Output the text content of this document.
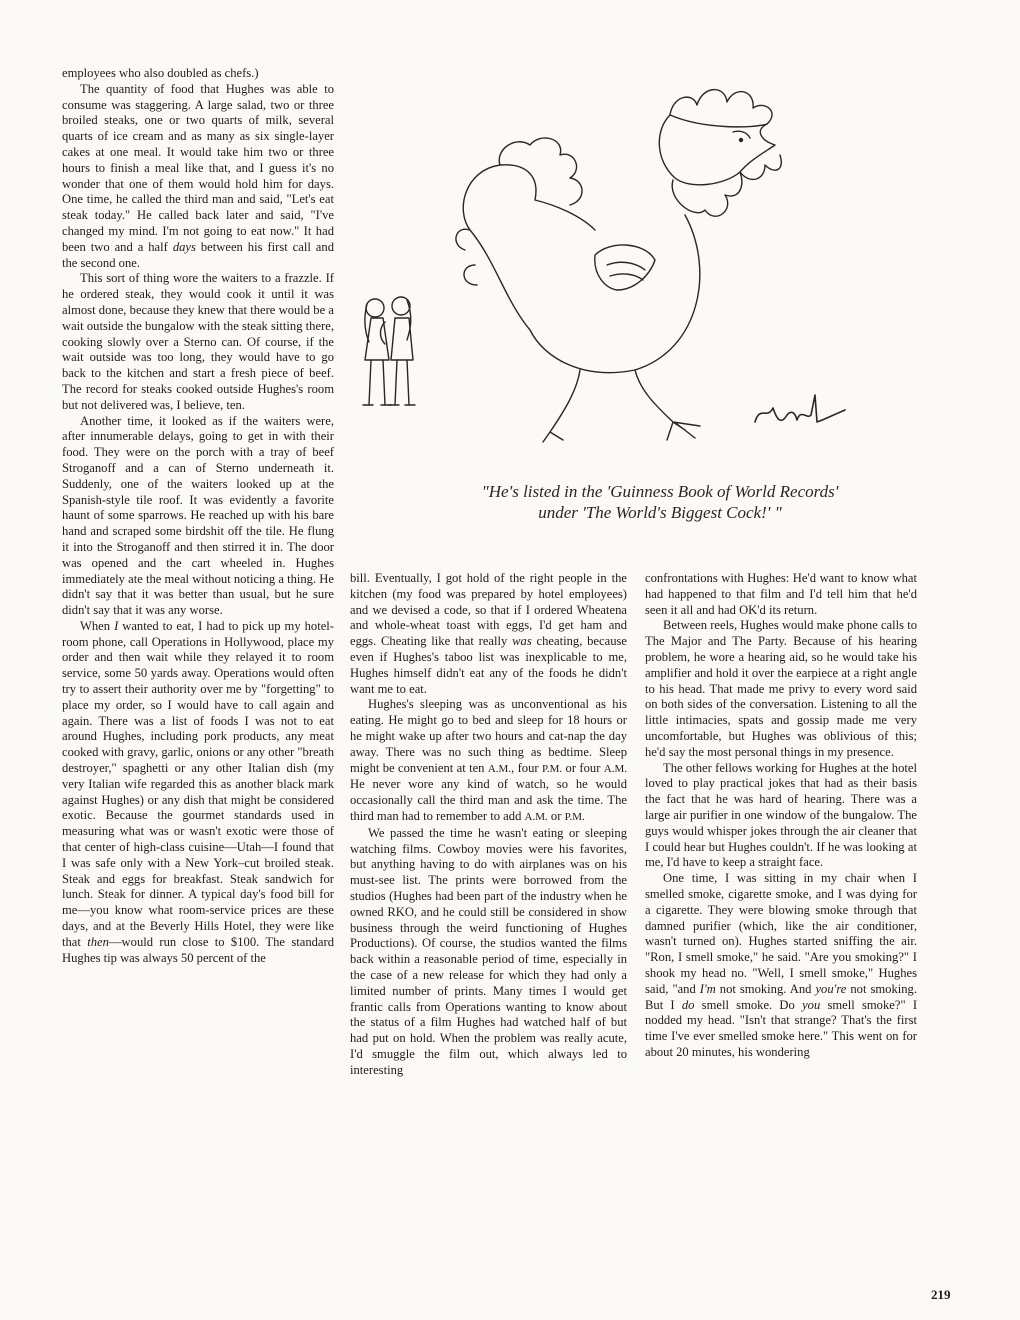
employees who also doubled as chefs.)

The quantity of food that Hughes was able to consume was staggering. A large salad, two or three broiled steaks, one or two quarts of milk, several quarts of ice cream and as many as six single-layer cakes at one meal. It would take him two or three hours to finish a meal like that, and I guess it's no wonder that one of them would hold him for days. One time, he called the third man and said, "Let's eat steak today." He called back later and said, "I've changed my mind. I'm not going to eat now." It had been two and a half days between his first call and the second one.

This sort of thing wore the waiters to a frazzle. If he ordered steak, they would cook it until it was almost done, because they knew that there would be a wait outside the bungalow with the steak sitting there, cooking slowly over a Sterno can. Of course, if the wait outside was too long, they would have to go back to the kitchen and start a fresh piece of beef. The record for steaks cooked outside Hughes's room but not delivered was, I believe, ten.

Another time, it looked as if the waiters were, after innumerable delays, going to get in with their food. They were on the porch with a tray of beef Stroganoff and a can of Sterno underneath it. Suddenly, one of the waiters looked up at the Spanish-style tile roof. It was evidently a favorite haunt of some sparrows. He reached up with his bare hand and scraped some birdshit off the tile. He flung it into the Stroganoff and then stirred it in. The door was opened and the cart wheeled in. Hughes immediately ate the meal without noticing a thing. He didn't say that it was better than usual, but he sure didn't say that it was any worse.

When I wanted to eat, I had to pick up my hotel-room phone, call Operations in Hollywood, place my order and then wait while they relayed it to room service, some 50 yards away. Operations would often try to assert their authority over me by "forgetting" to place my order, so I would have to call again and again. There was a list of foods I was not to eat around Hughes, including pork products, any meat cooked with gravy, garlic, onions or any other "breath destroyer," spaghetti or any other Italian dish (my very Italian wife regarded this as another black mark against Hughes) or any dish that might be considered exotic. Because the gourmet standards used in measuring what was or wasn't exotic were those of that center of high-class cuisine—Utah—I found that I was safe only with a New York–cut broiled steak. Steak and eggs for breakfast. Steak sandwich for lunch. Steak for dinner. A typical day's food bill for me—you know what room-service prices are these days, and at the Beverly Hills Hotel, they were like that then—would run close to $100. The standard Hughes tip was always 50 percent of the

"He's listed in the 'Guinness Book of World Records'
under 'The World's Biggest Cock!' "

bill. Eventually, I got hold of the right people in the kitchen (my food was prepared by hotel employees) and we devised a code, so that if I ordered Wheatena and whole-wheat toast with eggs, I'd get ham and eggs. Cheating like that really was cheating, because even if Hughes's taboo list was inexplicable to me, Hughes himself didn't eat any of the foods he didn't want me to eat.

Hughes's sleeping was as unconventional as his eating. He might go to bed and sleep for 18 hours or he might wake up after two hours and cat-nap the day away. There was no such thing as bedtime. Sleep might be convenient at ten A.M., four P.M. or four A.M. He never wore any kind of watch, so he would occasionally call the third man and ask the time. The third man had to remember to add A.M. or P.M.

We passed the time he wasn't eating or sleeping watching films. Cowboy movies were his favorites, but anything having to do with airplanes was on his must-see list. The prints were borrowed from the studios (Hughes had been part of the industry when he owned RKO, and he could still be considered in show business through the weird functioning of Hughes Productions). Of course, the studios wanted the films back within a reasonable period of time, especially in the case of a new release for which they had only a limited number of prints. Many times I would get frantic calls from Operations wanting to know about the status of a film Hughes had watched half of but had put on hold. When the problem was really acute, I'd smuggle the film out, which always led to interesting

confrontations with Hughes: He'd want to know what had happened to that film and I'd tell him that he'd seen it all and had OK'd its return.

Between reels, Hughes would make phone calls to The Major and The Party. Because of his hearing problem, he wore a hearing aid, so he would take his amplifier and hold it over the earpiece at a right angle to his head. That made me privy to every word said on both sides of the conversation. Listening to all the little intimacies, spats and gossip made me very uncomfortable, but Hughes was oblivious of this; he'd say the most personal things in my presence.

The other fellows working for Hughes at the hotel loved to play practical jokes that had as their basis the fact that he was hard of hearing. There was a large air purifier in one window of the bungalow. The guys would whisper jokes through the air cleaner that I could hear but Hughes couldn't. If he was looking at me, I'd have to keep a straight face.

One time, I was sitting in my chair when I smelled smoke, cigarette smoke, and I was dying for a cigarette. They were blowing smoke through that damned purifier (which, like the air conditioner, wasn't turned on). Hughes started sniffing the air. "Ron, I smell smoke," he said. "Are you smoking?" I shook my head no. "Well, I smell smoke," Hughes said, "and I'm not smoking. And you're not smoking. But I do smell smoke. Do you smell smoke?" I nodded my head. "Isn't that strange? That's the first time I've ever smelled smoke here." This went on for about 20 minutes, his wondering

219
